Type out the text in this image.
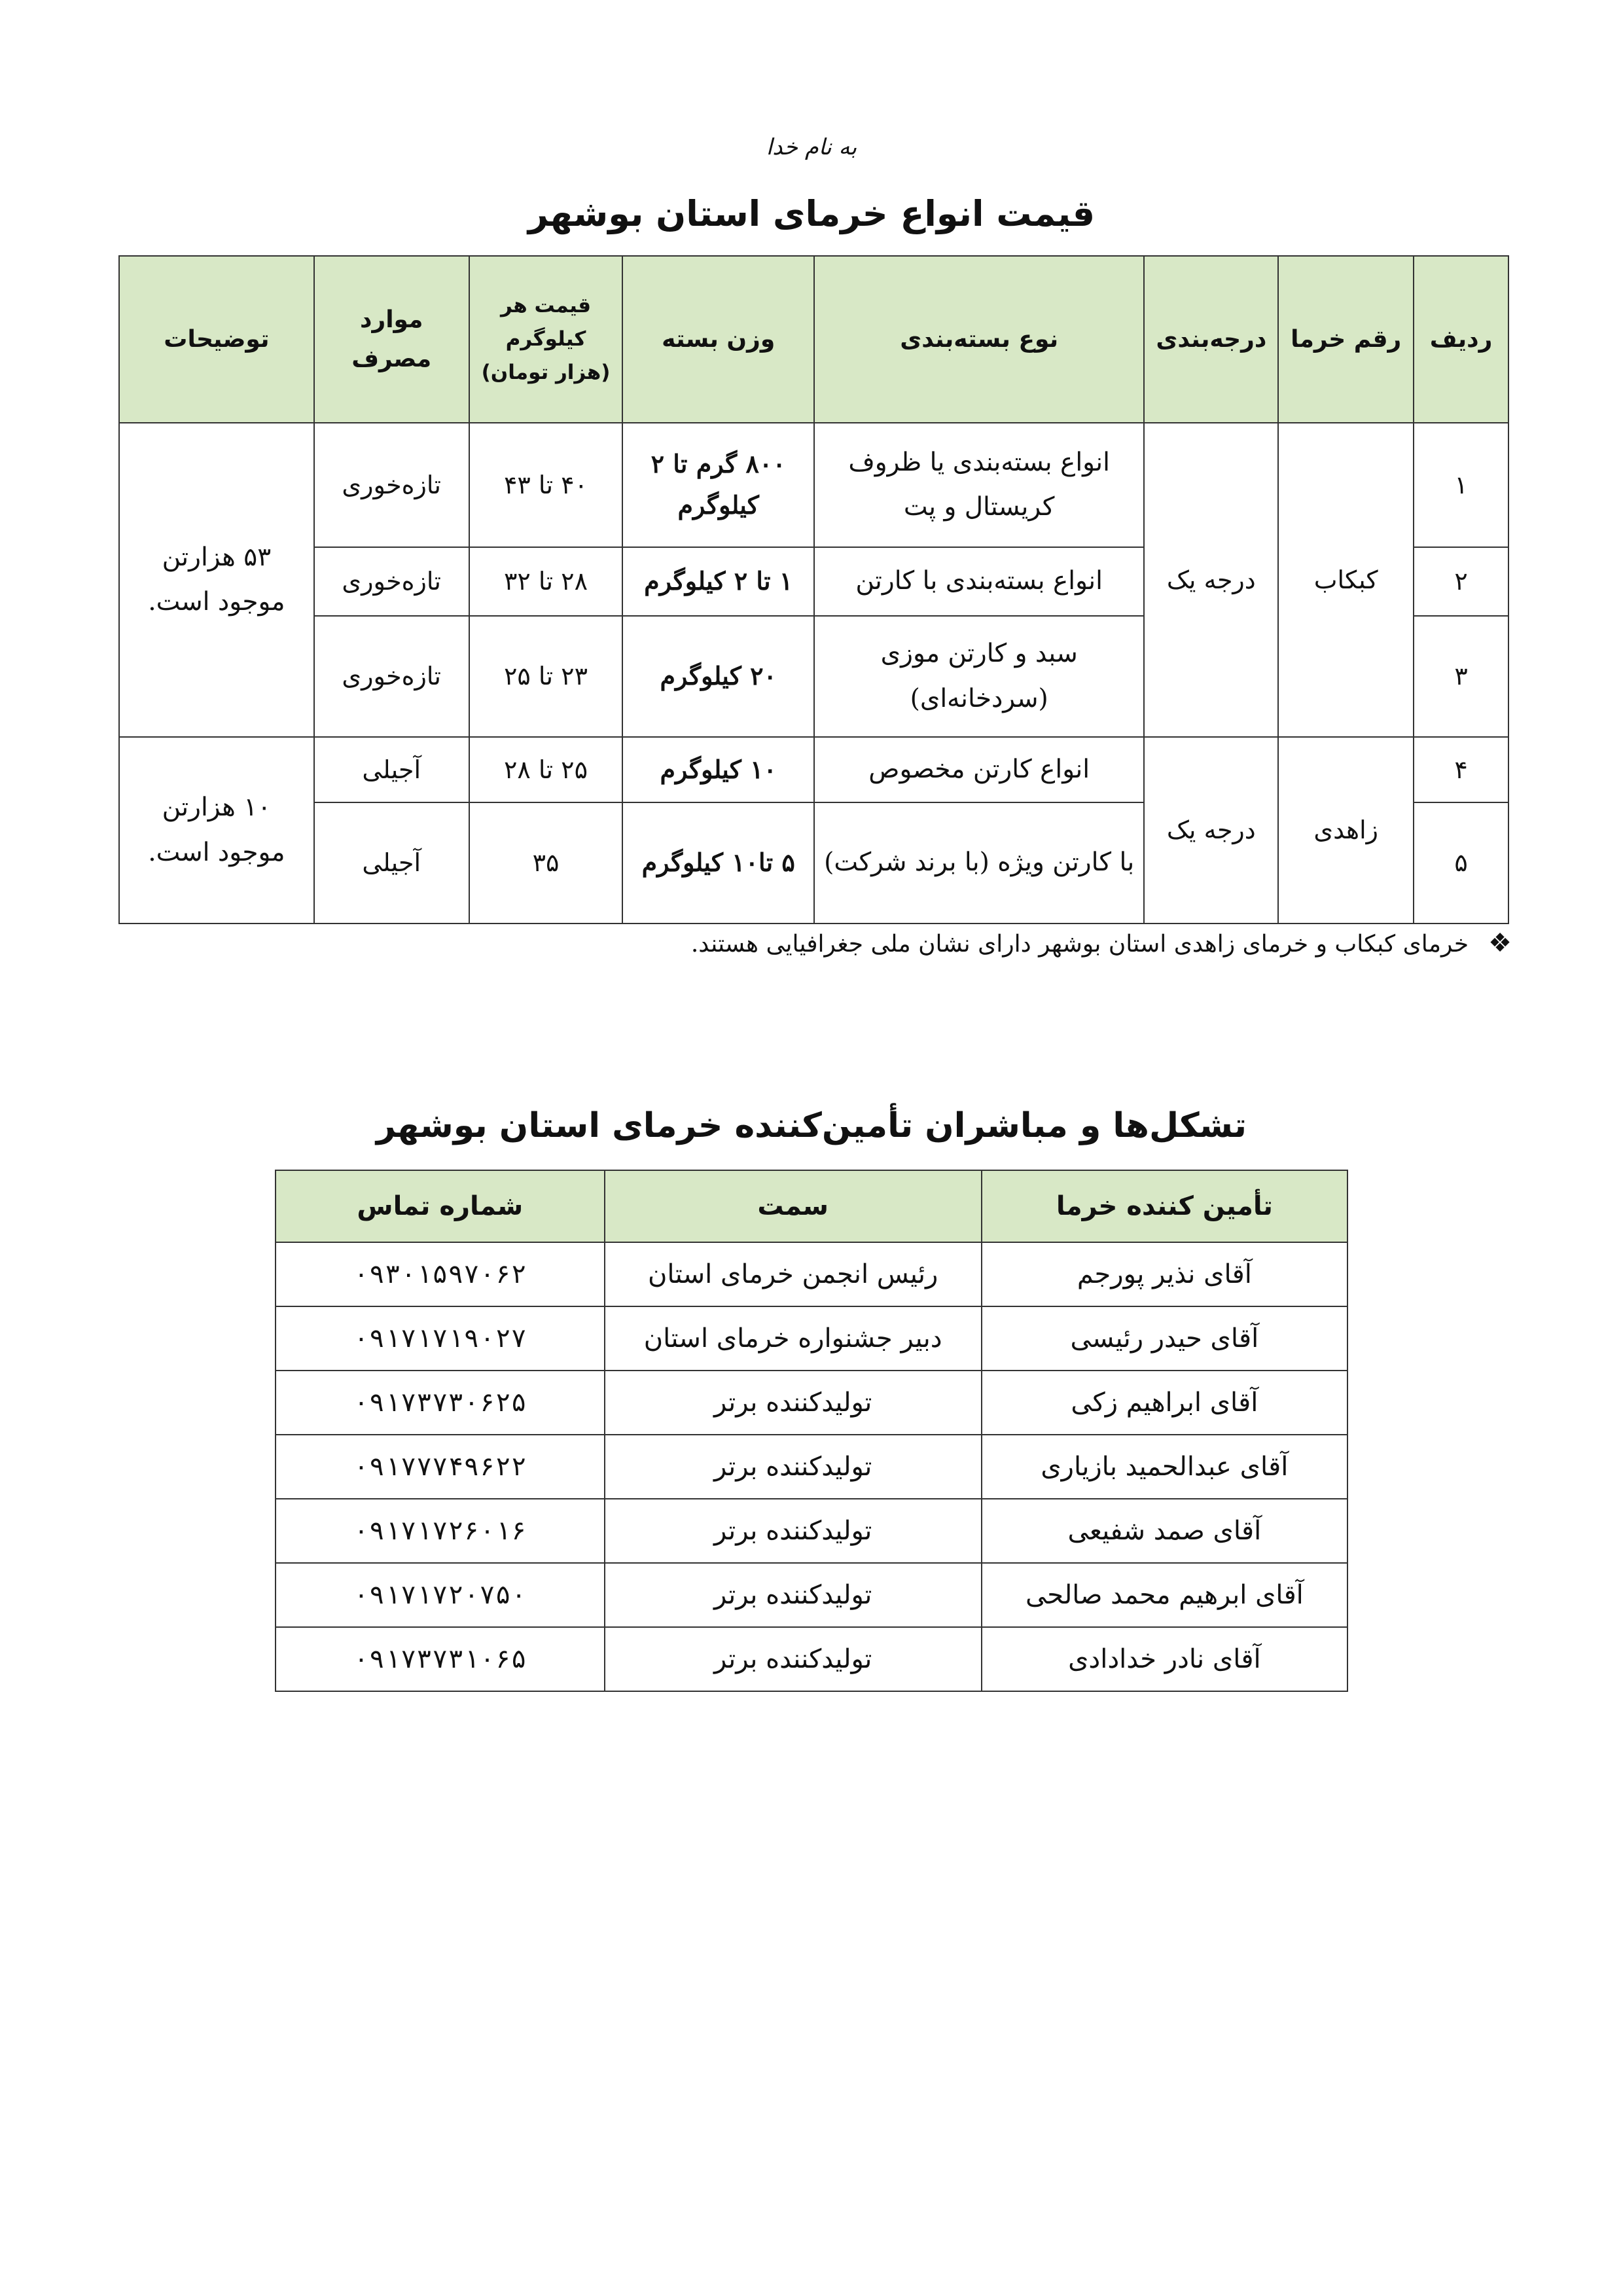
به نام خدا
قیمت انواع خرمای استان بوشهر
ردیف	رقم خرما	درجه‌بندی	نوع بسته‌بندی	وزن بسته	قیمت هر کیلوگرم (هزار تومان)	موارد مصرف	توضیحات
۱	کبکاب	درجه یک	انواع بسته‌بندی یا ظروف کریستال و پت	۸۰۰ گرم تا ۲ کیلوگرم	۴۰ تا ۴۳	تازه‌خوری	۵۳ هزارتن موجود است.
۲			انواع بسته‌بندی با کارتن	۱ تا ۲ کیلوگرم	۲۸ تا ۳۲	تازه‌خوری	
۳			سبد و کارتن موزی (سردخانه‌ای)	۲۰ کیلوگرم	۲۳ تا ۲۵	تازه‌خوری	
۴	زاهدی	درجه یک	انواع کارتن مخصوص	۱۰ کیلوگرم	۲۵ تا ۲۸	آجیلی	۱۰ هزارتن موجود است.
۵			با کارتن ویژه (با برند شرکت)	۵ تا۱۰ کیلوگرم	۳۵	آجیلی	
❖خرمای کبکاب و خرمای زاهدی استان بوشهر دارای نشان ملی جغرافیایی هستند.
تشکل‌ها و مباشران تأمین‌کننده خرمای استان بوشهر
تأمین کننده خرما	سمت	شماره تماس
آقای نذیر پورجم	رئیس انجمن خرمای استان	۰۹۳۰۱۵۹۷۰۶۲
آقای حیدر رئیسی	دبیر جشنواره خرمای استان	۰۹۱۷۱۷۱۹۰۲۷
آقای ابراهیم زکی	تولیدکننده برتر	۰۹۱۷۳۷۳۰۶۲۵
آقای عبدالحمید بازیاری	تولیدکننده برتر	۰۹۱۷۷۷۴۹۶۲۲
آقای صمد شفیعی	تولیدکننده برتر	۰۹۱۷۱۷۲۶۰۱۶
آقای ابرهیم محمد صالحی	تولیدکننده برتر	۰۹۱۷۱۷۲۰۷۵۰
آقای نادر خدادادی	تولیدکننده برتر	۰۹۱۷۳۷۳۱۰۶۵
